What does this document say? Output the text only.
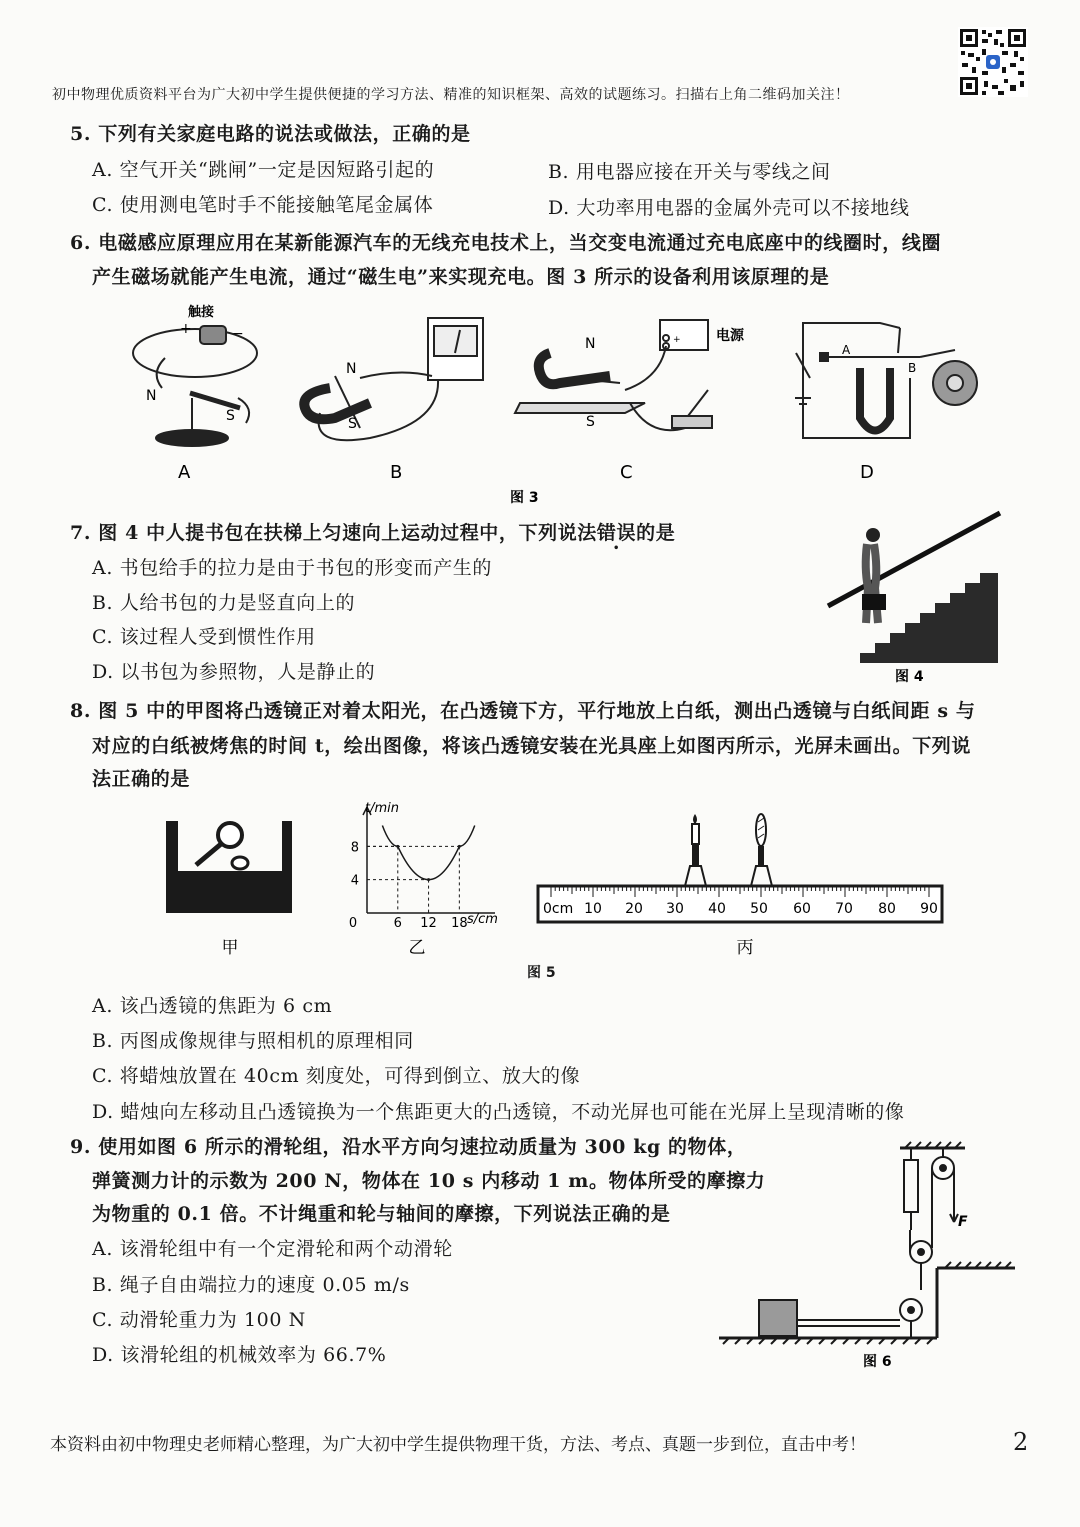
初中物理优质资料平台为广大初中学生提供便捷的学习方法、精准的知识框架、高效的试题练习。扫描右上角二维码加关注！
5. 下列有关家庭电路的说法或做法，正确的是
A. 空气开关“跳闸”一定是因短路引起的	B. 用电器应接在开关与零线之间
C. 使用测电笔时手不能接触笔尾金属体	D. 大功率用电器的金属外壳可以不接地线
6. 电磁感应原理应用在某新能源汽车的无线充电技术上，当交变电流通过充电底座中的线圈时，线圈
产生磁场就能产生电流，通过“磁生电”来实现充电。图 3 所示的设备利用该原理的是
触接
+	−
N
S
N
S
N
S
电源
+
A
B
A	B	C	D
图 3
7. 图 4 中人提书包在扶梯上匀速向上运动过程中，下列说法错误的是
A. 书包给手的拉力是由于书包的形变而产生的
B. 人给书包的力是竖直向上的
C. 该过程人受到惯性作用
D. 以书包为参照物，人是静止的	图 4
8. 图 5 中的甲图将凸透镜正对着太阳光，在凸透镜下方，平行地放上白纸，测出凸透镜与白纸间距 s 与
对应的白纸被烤焦的时间 t，绘出图像，将该凸透镜安装在光具座上如图丙所示，光屏未画出。下列说
法正确的是
甲
t/min
s/cm
0	6 12 18
4
8
乙
0cm 10 20 30 40 50 60 70 80 90
丙
图 5
A. 该凸透镜的焦距为 6 cm
B. 丙图成像规律与照相机的原理相同
C. 将蜡烛放置在 40cm 刻度处，可得到倒立、放大的像
D. 蜡烛向左移动且凸透镜换为一个焦距更大的凸透镜，不动光屏也可能在光屏上呈现清晰的像
9. 使用如图 6 所示的滑轮组，沿水平方向匀速拉动质量为 300 kg 的物体，
弹簧测力计的示数为 200 N，物体在 10 s 内移动 1 m。物体所受的摩擦力
为物重的 0.1 倍。不计绳重和轮与轴间的摩擦，下列说法正确的是
A. 该滑轮组中有一个定滑轮和两个动滑轮
B. 绳子自由端拉力的速度 0.05 m/s
C. 动滑轮重力为 100 N
D. 该滑轮组的机械效率为 66.7%
F
图 6
本资料由初中物理史老师精心整理，为广大初中学生提供物理干货，方法、考点、真题一步到位，直击中考！	2
